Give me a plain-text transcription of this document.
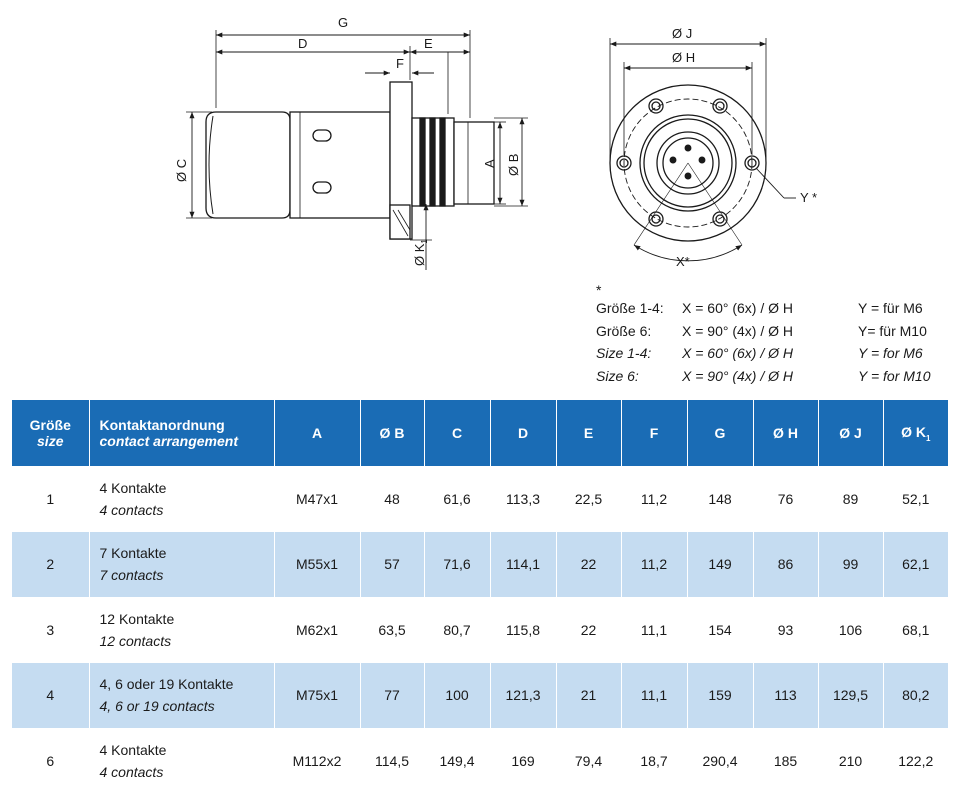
G
D	E
F
Ø C	A Ø B
Ø $K_1$
Ø J
Ø H
Y *
X*
*
Größe 1-4: X = 60° (6x) / Ø H	Y = für M6
Größe 6: X = 90° (4x) / Ø H	Y= für M10
Size 1-4: X = 60° (6x) / Ø H	Y = for M6
Size 6:	X = 90° (4x) / Ø H	Y = for M10
Größe
size	Kontaktanordnung
contact arrangement	A	Ø B	C	D	E	F	G	Ø H	Ø J	Ø $K_1$
1	4 Kontakte
4 contacts	M47x1	48	61,6	113,3	22,5	11,2	148	76	89	52,1
2	7 Kontakte
7 contacts	M55x1	57	71,6	114,1	22	11,2	149	86	99	62,1
3	12 Kontakte
12 contacts	M62x1	63,5	80,7	115,8	22	11,1	154	93	106	68,1
4	4, 6 oder 19 Kontakte
4, 6 or 19 contacts	M75x1	77	100	121,3	21	11,1	159	113	129,5	80,2
6	4 Kontakte
4 contacts	M112x2	114,5	149,4	169	79,4	18,7	290,4	185	210	122,2
